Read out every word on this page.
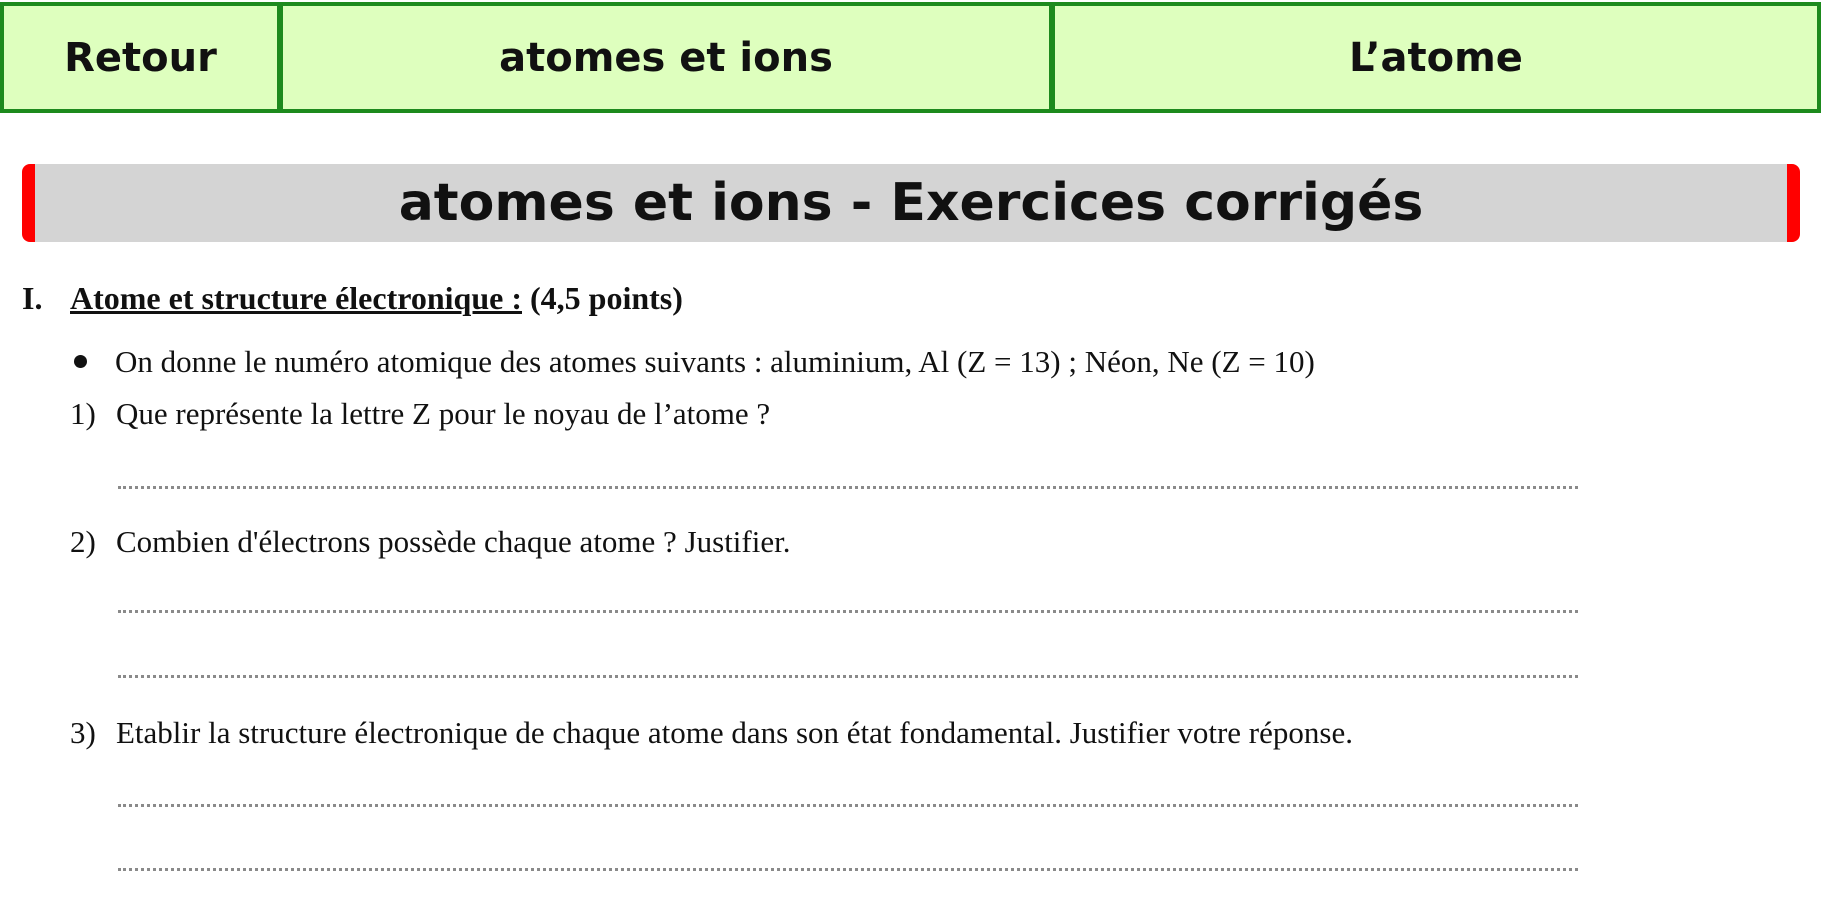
Retour	atomes et ions	L’atome
atomes et ions - Exercices corrigés
I. Atome et structure électronique : (4,5 points)
On donne le numéro atomique des atomes suivants : aluminium, Al (Z = 13) ; Néon, Ne (Z = 10)
1) Que représente la lettre Z pour le noyau de l’atome ?
2) Combien d'électrons possède chaque atome ? Justifier.
3) Etablir la structure électronique de chaque atome dans son état fondamental. Justifier votre réponse.
